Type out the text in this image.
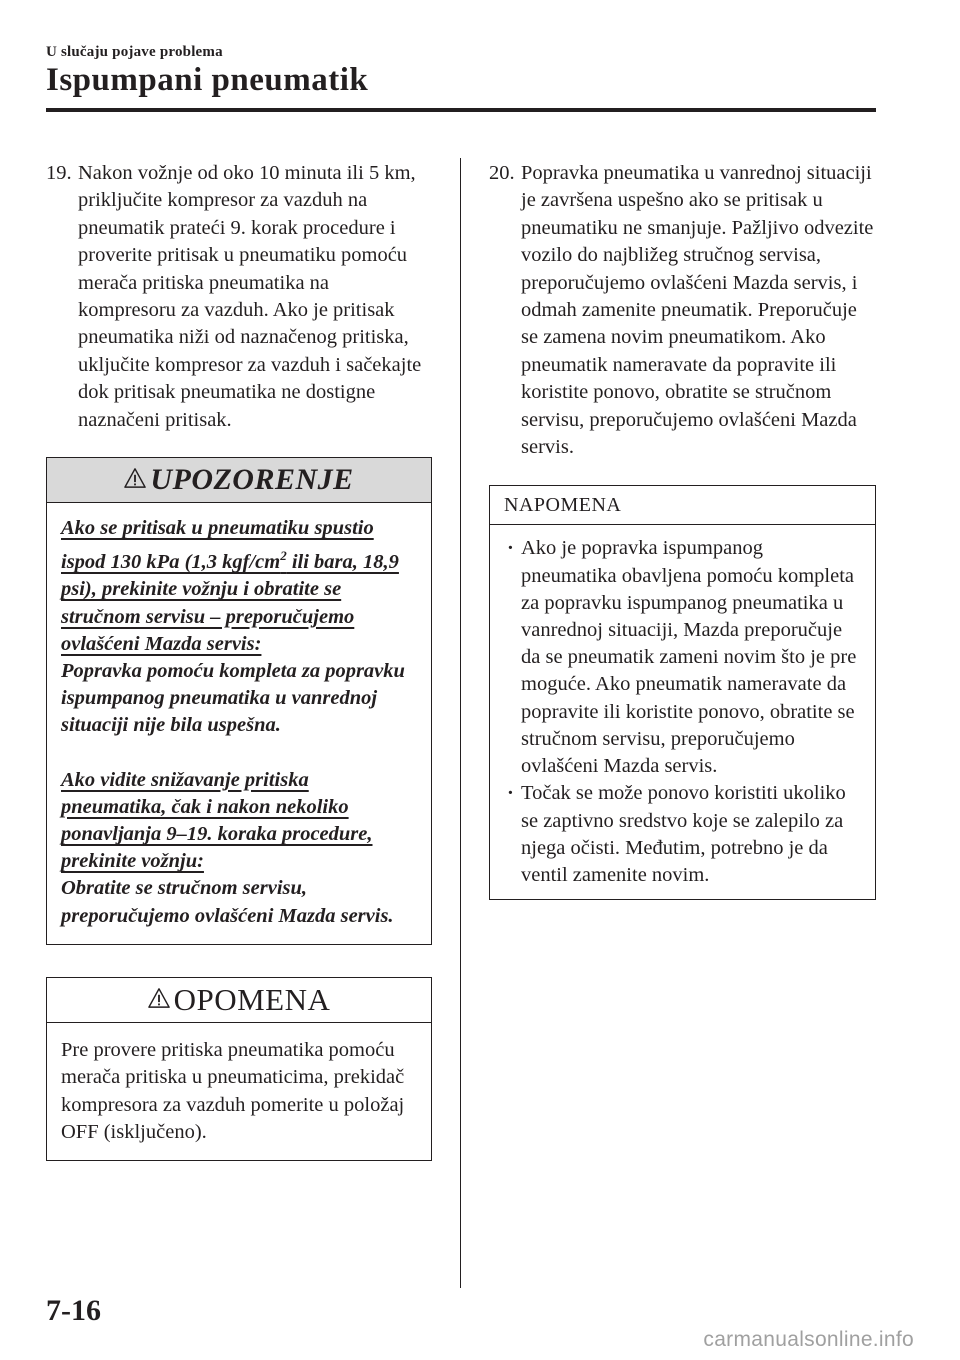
U slučaju pojave problema
Ispumpani pneumatik
19. Nakon vožnje od oko 10 minuta ili 5 km, priključite kompresor za vazduh na pneumatik prateći 9. korak procedure i proverite pritisak u pneumatiku pomoću merača pritiska pneumatika na kompresoru za vazduh. Ako je pritisak pneumatika niži od naznačenog pritiska, uključite kompresor za vazduh i sačekajte dok pritisak pneumatika ne dostigne naznačeni pritisak.
UPOZORENJE

Ako se pritisak u pneumatiku spustio ispod 130 kPa (1,3 kgf/$cm^2$ ili bara, 18,9 psi), prekinite vožnju i obratite se stručnom servisu – preporučujemo ovlašćeni Mazda servis:
Popravka pomoću kompleta za popravku ispumpanog pneumatika u vanrednoj situaciji nije bila uspešna.

Ako vidite snižavanje pritiska pneumatika, čak i nakon nekoliko ponavljanja 9–19. koraka procedure, prekinite vožnju:
Obratite se stručnom servisu, preporučujemo ovlašćeni Mazda servis.

OPOMENA
Pre provere pritiska pneumatika pomoću merača pritiska u pneumaticima, prekidač kompresora za vazduh pomerite u položaj OFF (isključeno).
20. Popravka pneumatika u vanrednoj situaciji je završena uspešno ako se pritisak u pneumatiku ne smanjuje. Pažljivo odvezite vozilo do najbližeg stručnog servisa, preporučujemo ovlašćeni Mazda servis, i odmah zamenite pneumatik. Preporučuje se zamena novim pneumatikom. Ako pneumatik nameravate da popravite ili koristite ponovo, obratite se stručnom servisu, preporučujemo ovlašćeni Mazda servis.
NAPOMENA
· Ako je popravka ispumpanog pneumatika obavljena pomoću kompleta za popravku ispumpanog pneumatika u vanrednoj situaciji, Mazda preporučuje da se pneumatik zameni novim što je pre moguće. Ako pneumatik nameravate da popravite ili koristite ponovo, obratite se stručnom servisu, preporučujemo ovlašćeni Mazda servis.
· Točak se može ponovo koristiti ukoliko se zaptivno sredstvo koje se zalepilo za njega očisti. Međutim, potrebno je da ventil zamenite novim.
7-16
carmanualsonline.info
